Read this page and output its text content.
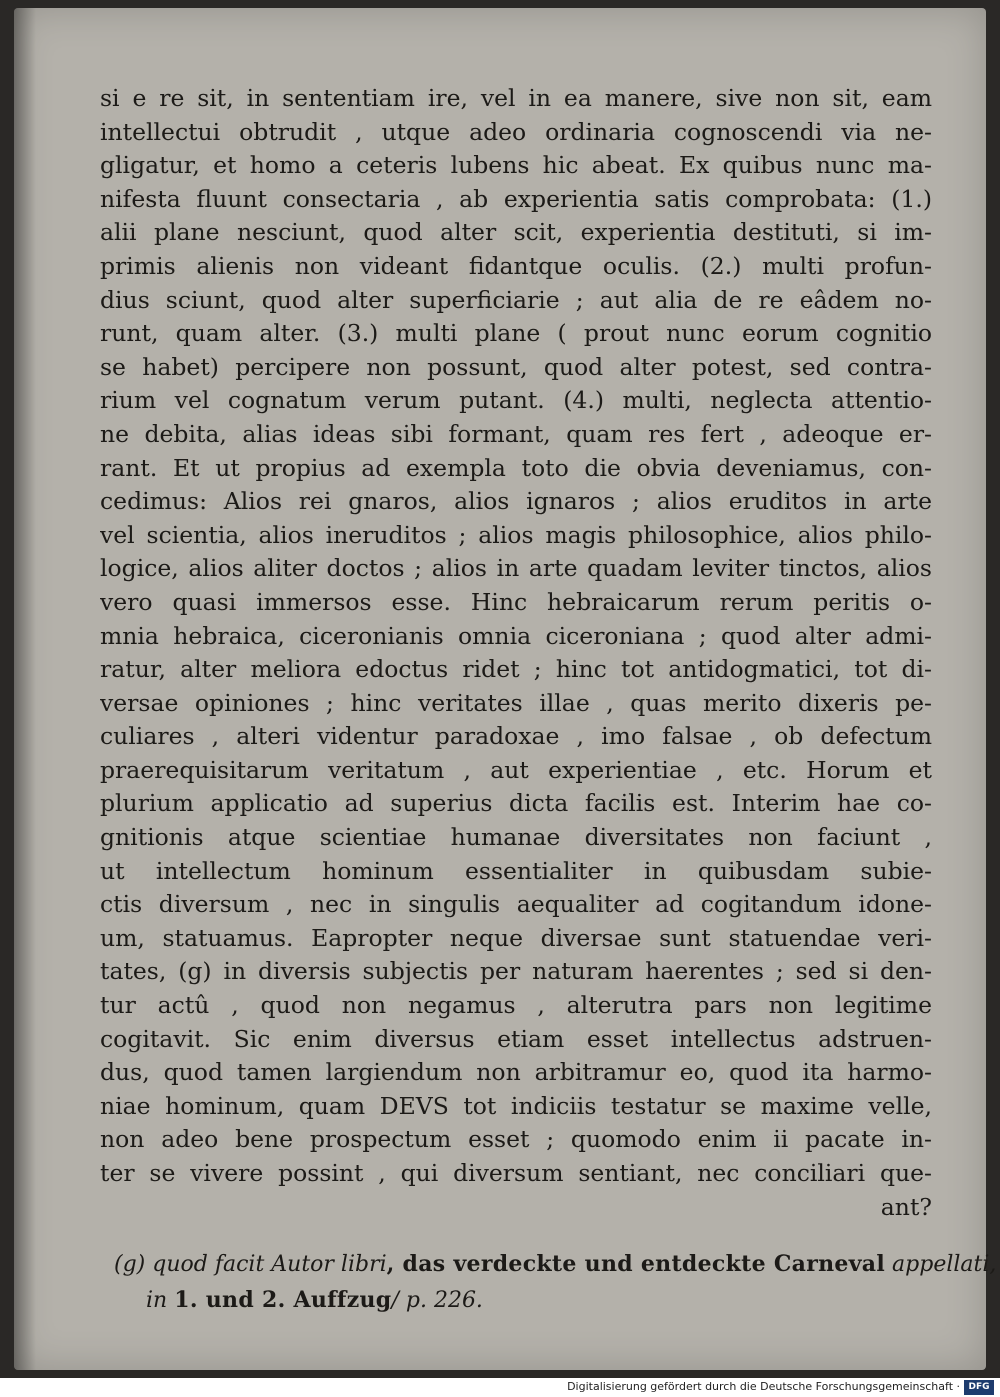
si e re sit, in sententiam ire, vel in ea manere, sive non sit, eam
intellectui obtrudit , utque adeo ordinaria cognoscendi via ne-
gligatur, et homo a ceteris lubens hic abeat. Ex quibus nunc ma-
nifesta fluunt consectaria , ab experientia satis comprobata: (1.)
alii plane nesciunt, quod alter scit, experientia destituti, si im-
primis alienis non videant fidantque oculis. (2.) multi profun-
dius sciunt, quod alter superficiarie ; aut alia de re eâdem no-
runt, quam alter. (3.) multi plane ( prout nunc eorum cognitio
se habet) percipere non possunt, quod alter potest, sed contra-
rium vel cognatum verum putant. (4.) multi, neglecta attentio-
ne debita, alias ideas sibi formant, quam res fert , adeoque er-
rant. Et ut propius ad exempla toto die obvia deveniamus, con-
cedimus: Alios rei gnaros, alios ignaros ; alios eruditos in arte
vel scientia, alios ineruditos ; alios magis philosophice, alios philo-
logice, alios aliter doctos ; alios in arte quadam leviter tinctos, alios
vero quasi immersos esse. Hinc hebraicarum rerum peritis o-
mnia hebraica, ciceronianis omnia ciceroniana ; quod alter admi-
ratur, alter meliora edoctus ridet ; hinc tot antidogmatici, tot di-
versae opiniones ; hinc veritates illae , quas merito dixeris pe-
culiares , alteri videntur paradoxae , imo falsae , ob defectum
praerequisitarum veritatum , aut experientiae , etc. Horum et
plurium applicatio ad superius dicta facilis est. Interim hae co-
gnitionis atque scientiae humanae diversitates non faciunt ,
ut intellectum hominum essentialiter in quibusdam subie-
ctis diversum , nec in singulis aequaliter ad cogitandum idone-
um, statuamus. Eapropter neque diversae sunt statuendae veri-
tates, (g) in diversis subjectis per naturam haerentes ; sed si den-
tur actû , quod non negamus , alterutra pars non legitime
cogitavit. Sic enim diversus etiam esset intellectus adstruen-
dus, quod tamen largiendum non arbitramur eo, quod ita harmo-
niae hominum, quam DEVS tot indiciis testatur se maxime velle,
non adeo bene prospectum esset ; quomodo enim ii pacate in-
ter se vivere possint , qui diversum sentiant, nec conciliari que-
ant?
(g) quod facit Autor libri, das verdeckte und entdeckte Carneval appellati,
in 1. und 2. Auffzug/ p. 226.
Digitalisierung gefördert durch die Deutsche Forschungsgemeinschaft · DFG
